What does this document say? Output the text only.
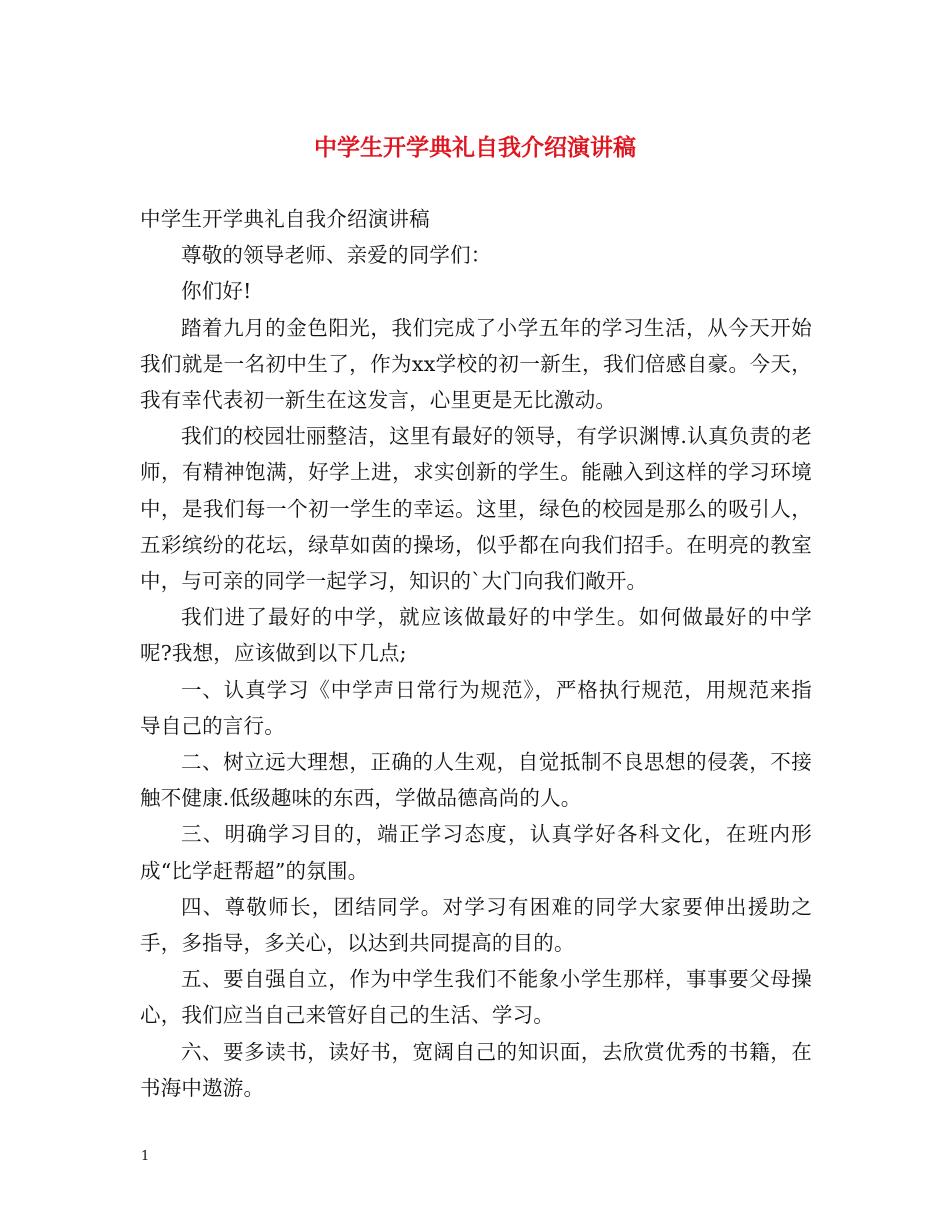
中学生开学典礼自我介绍演讲稿

中学生开学典礼自我介绍演讲稿

尊敬的领导老师、亲爱的同学们：

你们好!

踏着九月的金色阳光，我们完成了小学五年的学习生活，从今天开始我们就是一名初中生了，作为xx学校的初一新生，我们倍感自豪。今天，我有幸代表初一新生在这发言，心里更是无比激动。

我们的校园壮丽整洁，这里有最好的领导，有学识渊博.认真负责的老师，有精神饱满，好学上进，求实创新的学生。能融入到这样的学习环境中，是我们每一个初一学生的幸运。这里，绿色的校园是那么的吸引人，五彩缤纷的花坛，绿草如茵的操场，似乎都在向我们招手。在明亮的教室中，与可亲的同学一起学习，知识的`大门向我们敞开。

我们进了最好的中学，就应该做最好的中学生。如何做最好的中学呢?我想，应该做到以下几点;

一、认真学习《中学声日常行为规范》，严格执行规范，用规范来指导自己的言行。

二、树立远大理想，正确的人生观，自觉抵制不良思想的侵袭，不接触不健康.低级趣味的东西，学做品德高尚的人。

三、明确学习目的，端正学习态度，认真学好各科文化，在班内形成“比学赶帮超”的氛围。

四、尊敬师长，团结同学。对学习有困难的同学大家要伸出援助之手，多指导，多关心，以达到共同提高的目的。

五、要自强自立，作为中学生我们不能象小学生那样，事事要父母操心，我们应当自己来管好自己的生活、学习。

六、要多读书，读好书，宽阔自己的知识面，去欣赏优秀的书籍，在书海中遨游。

1
